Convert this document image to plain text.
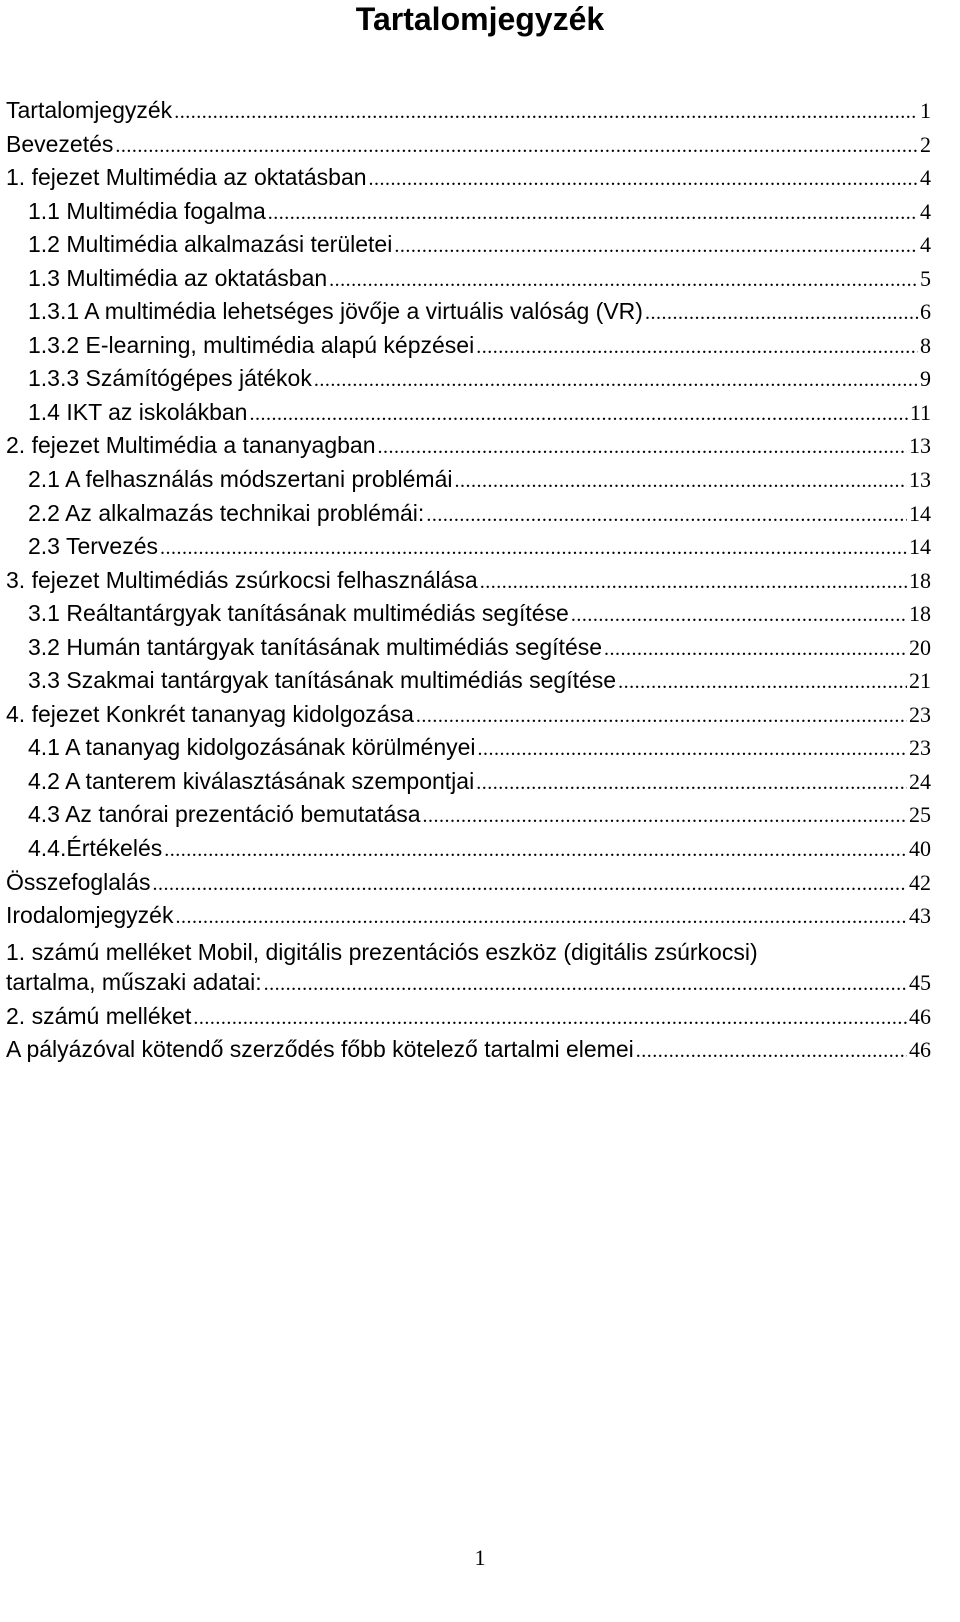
Tartalomjegyzék
Tartalomjegyzék .....	1
Bevezetés .....	2
1. fejezet Multimédia az oktatásban .....	4
1.1 Multimédia fogalma .....	4
1.2 Multimédia alkalmazási területei .....	4
1.3 Multimédia az oktatásban .....	5
1.3.1 A multimédia lehetséges jövője a virtuális valóság (VR) .....	6
1.3.2 E-learning, multimédia alapú képzései .....	8
1.3.3 Számítógépes játékok .....	9
1.4 IKT az iskolákban .....	11
2. fejezet Multimédia a tananyagban .....	13
2.1 A felhasználás módszertani problémái .....	13
2.2 Az alkalmazás technikai problémái: .....	14
2.3 Tervezés .....	14
3. fejezet Multimédiás zsúrkocsi felhasználása .....	18
3.1 Reáltantárgyak tanításának multimédiás segítése .....	18
3.2 Humán tantárgyak tanításának multimédiás segítése .....	20
3.3 Szakmai tantárgyak tanításának multimédiás segítése .....	21
4. fejezet Konkrét tananyag kidolgozása .....	23
4.1 A tananyag kidolgozásának körülményei .....	23
4.2 A tanterem kiválasztásának szempontjai .....	24
4.3 Az tanórai prezentáció bemutatása .....	25
4.4.Értékelés .....	40
Összefoglalás .....	42
Irodalomjegyzék .....	43
1. számú melléket Mobil, digitális prezentációs eszköz (digitális zsúrkocsi)
tartalma, műszaki adatai: .....	45
2. számú melléket .....	46
A pályázóval kötendő szerződés főbb kötelező tartalmi elemei .....	46
1
